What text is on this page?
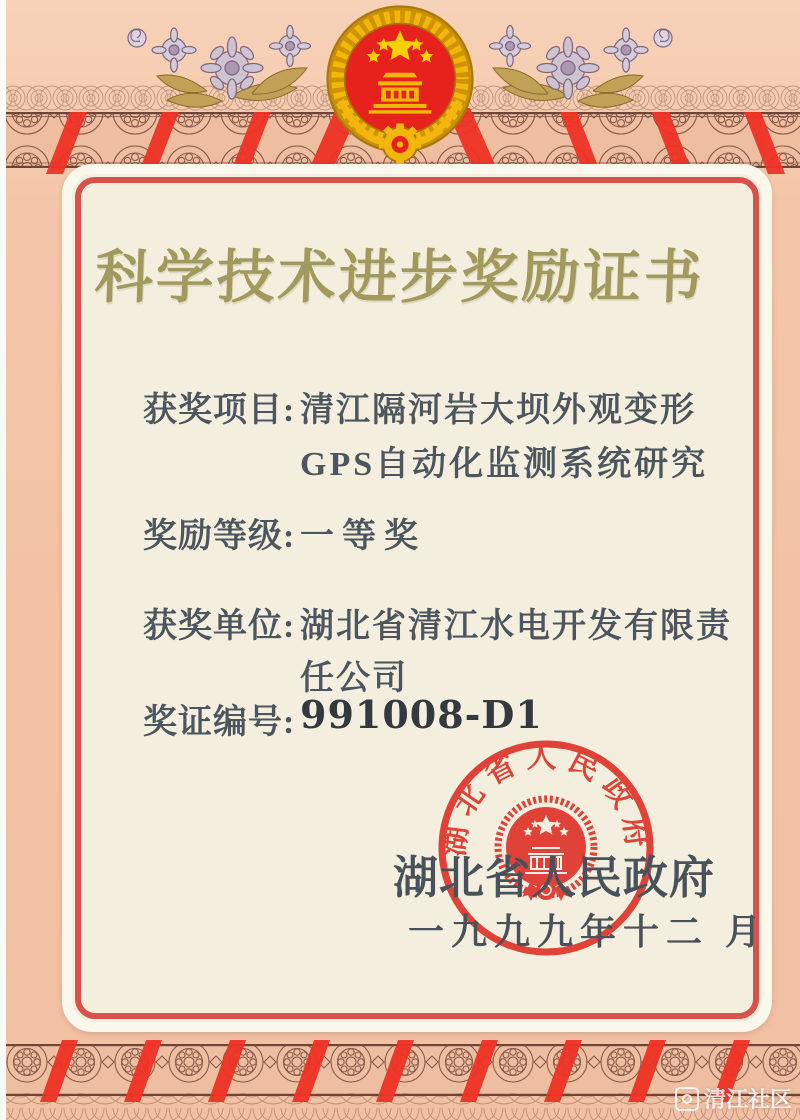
科学技术进步奖励证书
获奖项目: 清江隔河岩大坝外观变形
GPS自动化监测系统研究
奖励等级: 一等奖
获奖单位: 湖北省清江水电开发有限责
任公司
奖证编号: 991008-D1
湖北省人民政府
湖北省人民政府
一九九九年十二 月
清江社区
